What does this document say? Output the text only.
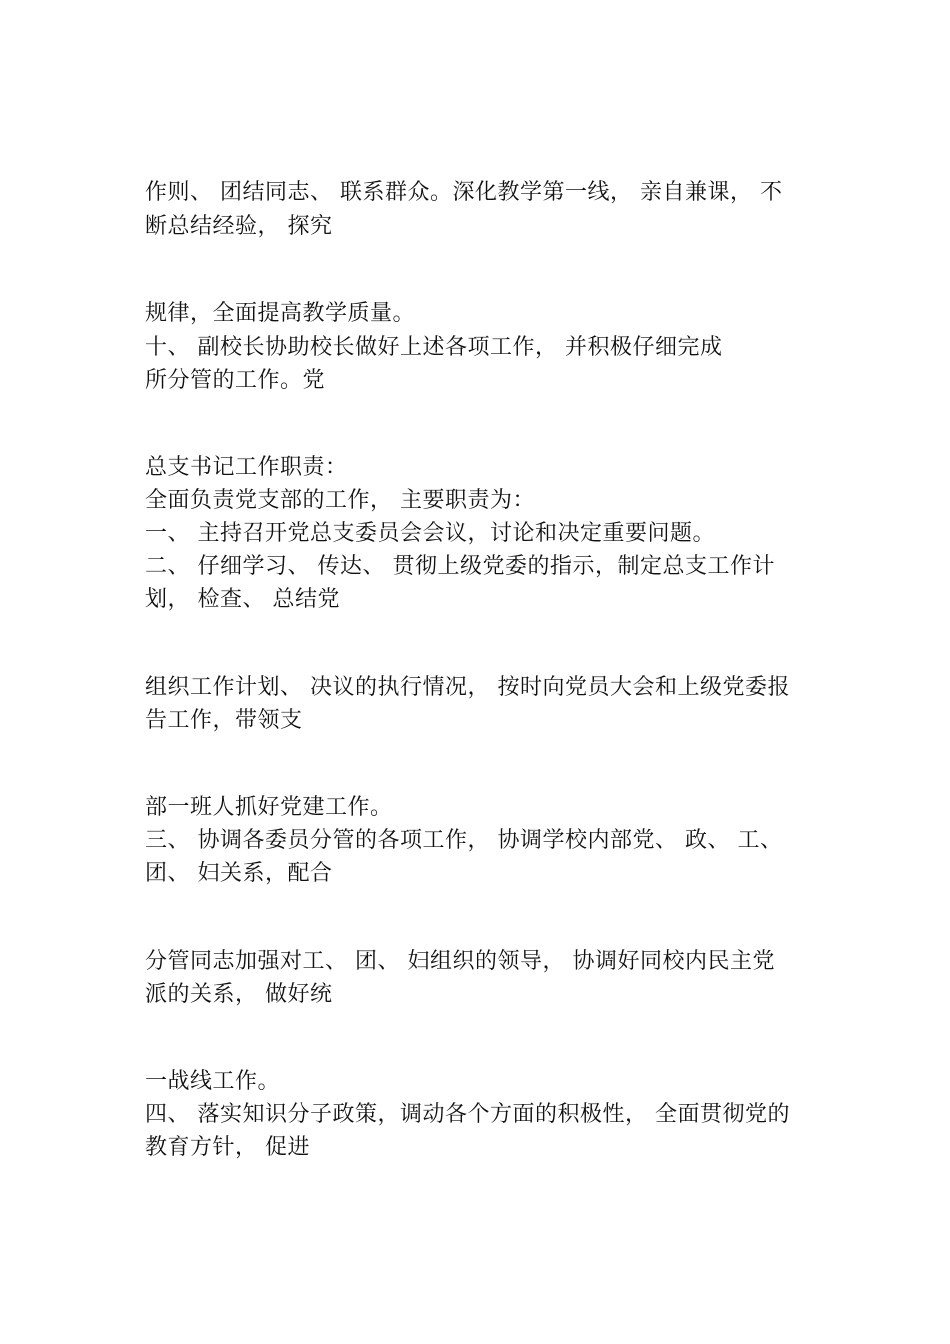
作则、 团结同志、 联系群众。深化教学第一线， 亲自兼课， 不
断总结经验， 探究
规律，全面提高教学质量。
十、 副校长协助校长做好上述各项工作， 并积极仔细完成
所分管的工作。党
总支书记工作职责：
全面负责党支部的工作， 主要职责为：
一、 主持召开党总支委员会会议，讨论和决定重要问题。
二、 仔细学习、 传达、 贯彻上级党委的指示，制定总支工作计
划， 检查、 总结党
组织工作计划、 决议的执行情况， 按时向党员大会和上级党委报
告工作，带领支
部一班人抓好党建工作。
三、 协调各委员分管的各项工作， 协调学校内部党、 政、 工、
团、 妇关系，配合
分管同志加强对工、 团、 妇组织的领导， 协调好同校内民主党
派的关系， 做好统
一战线工作。
四、 落实知识分子政策，调动各个方面的积极性， 全面贯彻党的
教育方针， 促进
